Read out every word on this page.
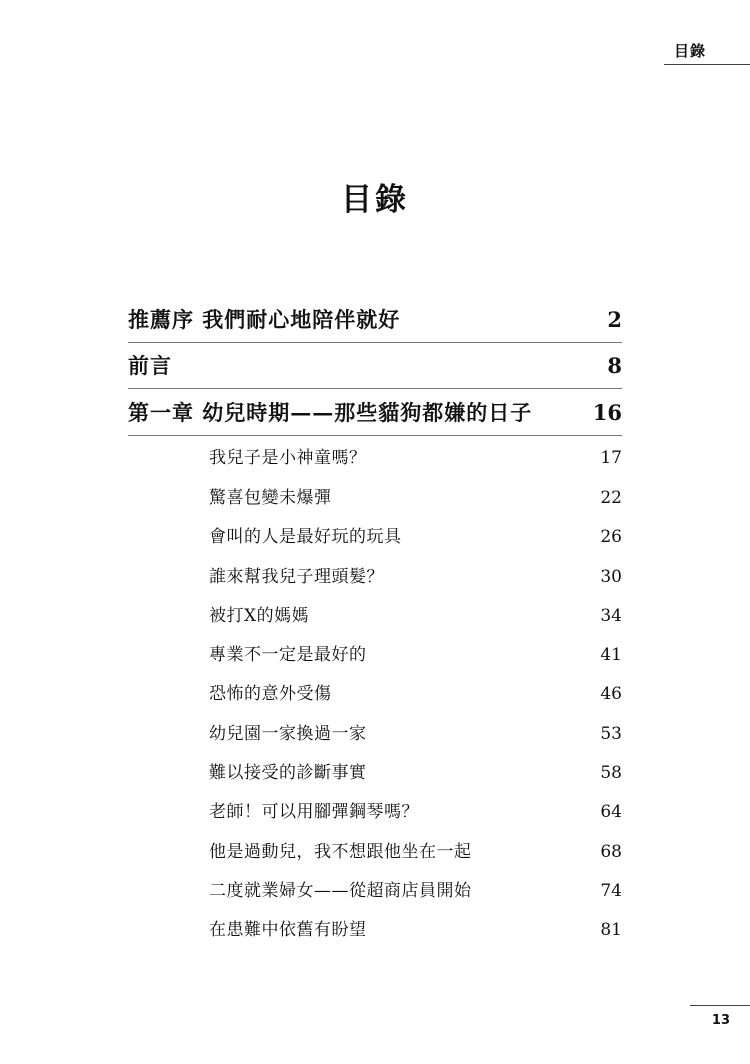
目錄
目錄
推薦序 我們耐心地陪伴就好	2
前言	8
第一章 幼兒時期——那些貓狗都嫌的日子	16
我兒子是小神童嗎？	17
驚喜包變未爆彈	22
會叫的人是最好玩的玩具	26
誰來幫我兒子理頭髮？	30
被打X的媽媽	34
專業不一定是最好的	41
恐怖的意外受傷	46
幼兒園一家換過一家	53
難以接受的診斷事實	58
老師！可以用腳彈鋼琴嗎？	64
他是過動兒，我不想跟他坐在一起	68
二度就業婦女——從超商店員開始	74
在患難中依舊有盼望	81
13
